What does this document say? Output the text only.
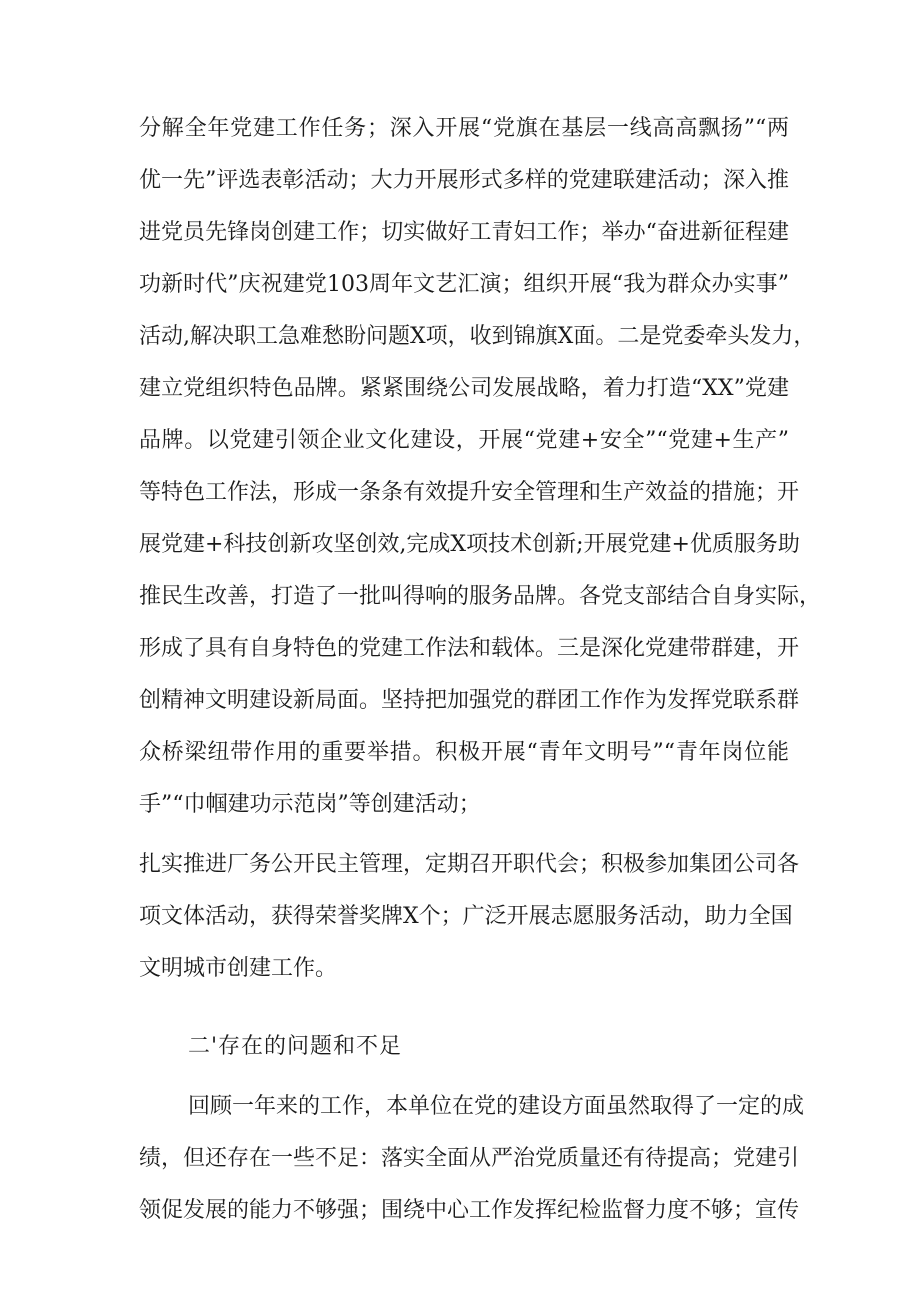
分解全年党建工作任务；深入开展“党旗在基层一线高高飘扬”“两
优一先”评选表彰活动；大力开展形式多样的党建联建活动；深入推
进党员先锋岗创建工作；切实做好工青妇工作；举办“奋进新征程建
功新时代”庆祝建党103周年文艺汇演；组织开展“我为群众办实事”
活动,解决职工急难愁盼问题X项，收到锦旗X面。二是党委牵头发力，
建立党组织特色品牌。紧紧围绕公司发展战略，着力打造“XX”党建
品牌。以党建引领企业文化建设，开展“党建+安全”“党建+生产”
等特色工作法，形成一条条有效提升安全管理和生产效益的措施；开
展党建+科技创新攻坚创效,完成X项技术创新;开展党建+优质服务助
推民生改善，打造了一批叫得响的服务品牌。各党支部结合自身实际，
形成了具有自身特色的党建工作法和载体。三是深化党建带群建，开
创精神文明建设新局面。坚持把加强党的群团工作作为发挥党联系群
众桥梁纽带作用的重要举措。积极开展“青年文明号”“青年岗位能
手”“巾帼建功示范岗”等创建活动；
扎实推进厂务公开民主管理，定期召开职代会；积极参加集团公司各
项文体活动，获得荣誉奖牌X个；广泛开展志愿服务活动，助力全国
文明城市创建工作。
二'存在的问题和不足
回顾一年来的工作，本单位在党的建设方面虽然取得了一定的成
绩，但还存在一些不足：落实全面从严治党质量还有待提高；党建引
领促发展的能力不够强；围绕中心工作发挥纪检监督力度不够；宣传
